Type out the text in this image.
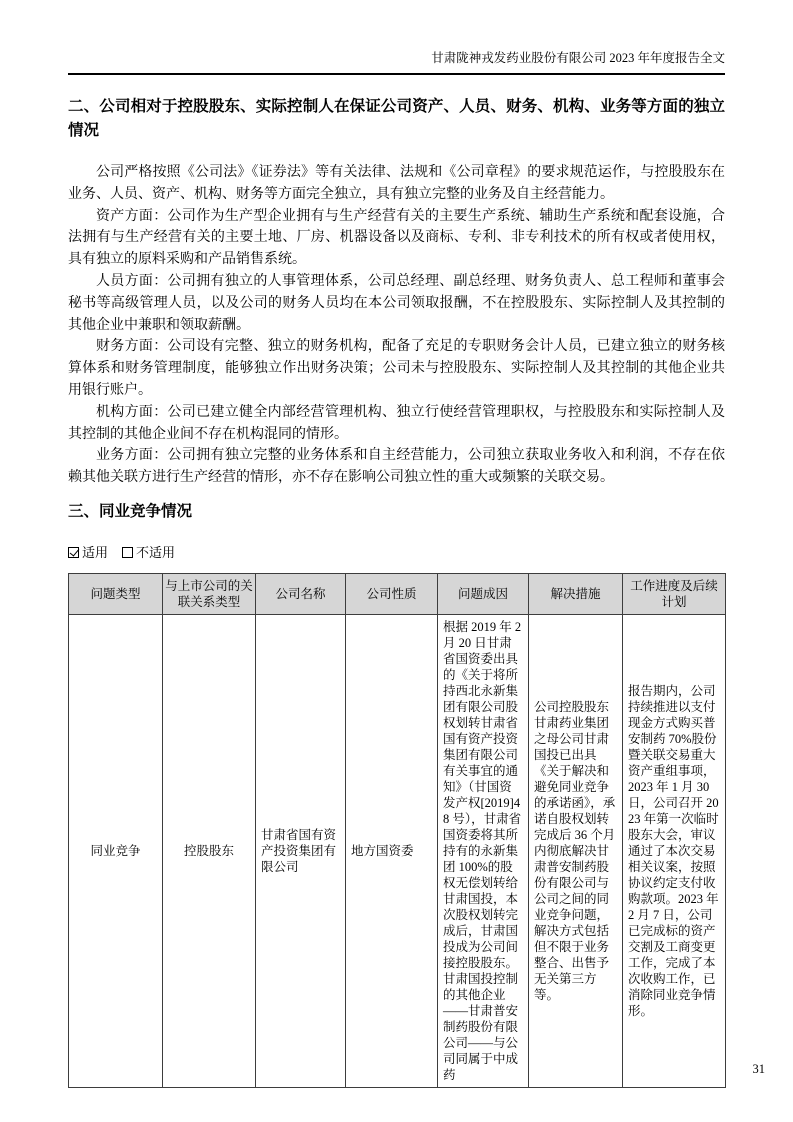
甘肃陇神戎发药业股份有限公司 2023 年年度报告全文
二、公司相对于控股股东、实际控制人在保证公司资产、人员、财务、机构、业务等方面的独立情况

公司严格按照《公司法》《证券法》等有关法律、法规和《公司章程》的要求规范运作，与控股股东在业务、人员、资产、机构、财务等方面完全独立，具有独立完整的业务及自主经营能力。

资产方面：公司作为生产型企业拥有与生产经营有关的主要生产系统、辅助生产系统和配套设施，合法拥有与生产经营有关的主要土地、厂房、机器设备以及商标、专利、非专利技术的所有权或者使用权，具有独立的原料采购和产品销售系统。

人员方面：公司拥有独立的人事管理体系，公司总经理、副总经理、财务负责人、总工程师和董事会秘书等高级管理人员，以及公司的财务人员均在本公司领取报酬，不在控股股东、实际控制人及其控制的其他企业中兼职和领取薪酬。

财务方面：公司设有完整、独立的财务机构，配备了充足的专职财务会计人员，已建立独立的财务核算体系和财务管理制度，能够独立作出财务决策；公司未与控股股东、实际控制人及其控制的其他企业共用银行账户。

机构方面：公司已建立健全内部经营管理机构、独立行使经营管理职权，与控股股东和实际控制人及其控制的其他企业间不存在机构混同的情形。

业务方面：公司拥有独立完整的业务体系和自主经营能力，公司独立获取业务收入和利润，不存在依赖其他关联方进行生产经营的情形，亦不存在影响公司独立性的重大或频繁的关联交易。

三、同业竞争情况
适用 不适用
问题类型	与上市公司的关联关系类型	公司名称	公司性质	问题成因	解决措施	工作进度及后续计划
同业竞争	控股股东	甘肃省国有资产投资集团有限公司	地方国资委	根据 2019 年 2 月 20 日甘肃省国资委出具的《关于将所持西北永新集团有限公司股权划转甘肃省国有资产投资集团有限公司有关事宜的通知》（甘国资发产权[2019]48 号），甘肃省国资委将其所持有的永新集团 100%的股权无偿划转给甘肃国投，本次股权划转完成后，甘肃国投成为公司间接控股股东。甘肃国投控制的其他企业——甘肃普安制药股份有限公司——与公司同属于中成药	公司控股股东甘肃药业集团之母公司甘肃国投已出具《关于解决和避免同业竞争的承诺函》，承诺自股权划转完成后 36 个月内彻底解决甘肃普安制药股份有限公司与公司之间的同业竞争问题，解决方式包括但不限于业务整合、出售予无关第三方等。	报告期内，公司持续推进以支付现金方式购买普安制药 70%股份暨关联交易重大资产重组事项，2023 年 1 月 30 日，公司召开 2023 年第一次临时股东大会，审议通过了本次交易相关议案，按照协议约定支付收购款项。2023 年 2 月 7 日，公司已完成标的资产交割及工商变更工作，完成了本次收购工作，已消除同业竞争情形。
31
